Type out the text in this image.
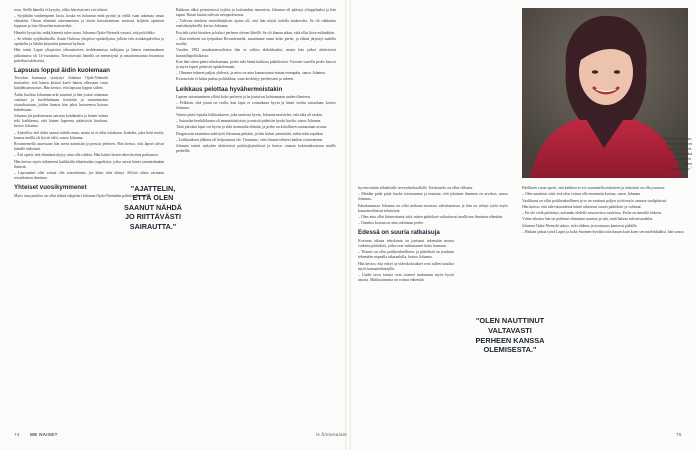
toon. Siellä häneltä ei kysytty, oliko hän maisteri vai tohtori.

– Syrjähdin vanhempieni luota, koska en halunnut enää pyöriä ja elellä vaan rakentaa omaa elämääni. Oman elämäni rakentamisen ja itseni kasvattamisen ansiosta kuljetin opintoni loppuun ja luin filosofian maisteriksi.

Häneltä kysyttiin, mikä hänestä tulee isona. Johanna Ojala-Niemelä vastasi, että poliitikko.

– Se tehtiin syrjäkulmalla. Asuin Oulussa yliopisto-opiskelijana, jolloin tein asiakaspalvelua ja opiskelin ja lähdin käymään pienessä kylässä.

Hän toimi Lapin yliopiston oikeustieteen tiedekunnassa tutkijana ja hänen ensimmäinen julkaisunsa oli 14-vuotiaana. Toivottavasti hänellä on menestystä ja ansaitsemaansa huomiota palvelun tuloksesta.

Lapsuus loppui äidin kuolemaan

Tervolan kunnassa syntynyt Johanna Ojala-Niemelä muistelee, että hänen äitinsä kuoli hänen ollessaan vasta kahdeksanvuotias. Hän kertoo, että lapsuus loppui siihen.

Äidin kuoltua Johannan arki muuttui ja hän joutui ottamaan vastuuta ja huolehtimaan itsestään ja nuoremmista sisaruksistaan, joiden kanssa hän jakoi huoneensa kotona kahdestaan.

Johanna jäi pudotessaan sairasta kohdatuksi ja hänen isänsä teki kaikkensa, että hänen lapsensa pääsisivät kouluun, kertoo Johanna.

– Ajatteliin, että äidin saanut nähdä omaa, mutta se ei ollut tottakaan. Isoäidin, joka hoiti meitä, kanssa meillä oli hyvät välit, sanoo Johanna.

Rovaniemellä asuessaan hän meni naimisiin ja perusti perheen. Hän kertoo, että lapset olivat hänelle tärkeintä.

– Äiti opetti, että elämässä täytyy aina olla rohkea. Hän halusi lasten tekevän aina parhaansa.

Hän kertoo myös nähneensä kaikkialla elämässään tragedioita, jotka saivat hänet ymmärtämään ihmisiä.

– Lapsuuteni olisi voinut olla toisenlainen, jos äitini olisi elänyt. Silloin olisin varmaan toisenlainen ihminen.

Yhteiset vuosikymmenet

Myös oma puoliso on ollut tärkeä tukipilari Johanna Ojala-Niemelän poliittisella uralla.

"AJATTELIN,
ETTÄ OLEN
SAANUT NÄHDÄ
JO RIITTÄVÄSTI
SAIRAUTTA."

Rakkaus alkoi perinteisesti tyyliin ja kotiseudun tansseista. Johanna oli päässyt ylioppilaaksi ja hän tapasi Tiinan kautta tulevan aviopuolisonsa.

– Tulevan mieheni ensisilmäyksen ajatus oli, että hän näytti todella mukavalta. Se oli rakkautta ensisilmäyksellä, kertoo Johanna.

Esa teki työtä kiertäen ja halusi perheen olevan lähellä. Se oli ihanaa aikaa, eikä ollut kiire mihinkään.

– Kun mieheni sai työpaikan Rovaniemeltä, muutimme sinne koko perhe, ja elämä järjestyi uudella tavalla.

Vuoden 1992 maakuntavaaleissa hän ei valittu ehdokkaaksi, mutta hän jatkoi aktiivisesti kunnallispolitiikassa.

Kun hän sitten pääsi eduskuntaan, perhe tuki häntä kaikissa päätöksissä. Vuosien varrella perhe kasvoi ja myös lapset pääsivät opiskelemaan.

– Olemme tehneet paljon yhdessä, ja mies on aina kannustanut minua eteenpäin, sanoo Johanna.

Kotona hän ei halua puhua politiikkaa, vaan keskittyy perheeseen ja arkeen.

Leikkaus pelottaa hyvähermoistakin

Lapsen sairastuminen yllätti koko perheen ja he joutuivat kohtaamaan uuden tilanteen.

– Pelkäsin, että jotain on vialla, kun lapsi ei voinutkaan hyvin ja hänet vietiin sairaalaan, kertoo Johanna.

Varttui pääsi lopulta leikkaukseen, joka onnistui hyvin. Johanna muistelee, että aika oli raskas.

– Sairaalan henkilökunta oli ammattitaitoista ja meistä pidettiin hyvää huolta, sanoo Johanna.

Tänä päivänä lapsi voi hyvin ja elää normaalia elämää, ja perhe on kiitollinen saamastaan avusta.

Diagnoosin saaminen mietitytti Johannaa pitkään, ja hän halusi ymmärtää, miksi näin tapahtui.

– Leikkauksen jälkeen oli helpottunut olo. Tiesimme, että olimme tehneet kaiken voitavamme.

Johanna toimii nykyään aktiivisesti potilasjärjestöissä ja kertoo omasta kokemuksestaan muille perheille.

hyvinvointiin tähtäävälle terveydenhuollolle. Keskustelu on ollut vilkasta.

– Meidän pitää pitää huolta toisistamme ja muistaa, että jokainen ihminen on arvokas, sanoo Johanna.

Eduskunnassa Johanna on ollut mukana monissa valiokunnissa ja hän on tehnyt työtä myös kansainvälisissä tehtävissä.

– Olen aina ollut kiinnostunut siitä, miten päätökset vaikuttavat tavallisten ihmisten elämään.

– Onneksi kotona on aina odottanut perhe.

Edessä on suuria ratkaisuja

Koronan aikana eduskunta on joutunut tekemään monia vaikeita päätöksiä, jotka ovat vaikuttaneet koko kansaan.

– Tilanne on ollut poikkeuksellinen, ja päätöksiä on jouduttu tekemään nopealla aikataululla, kertoo Johanna.

Hän kertoo, että etätyö ja videokokoukset ovat tulleet tutuiksi myös kansanedustajille.

– Uudet tavat toimia ovat tuoneet mukanaan myös hyviä asioita. Matkustamista on voinut vähentää.

"OLEN NAUTTINUT
VALTAVASTI
PERHEEN KANSSA
OLEMISESTA."

Edellinen vuosi opetti, että kaikkea ei voi suunnitella etukäteen ja tärkeintä on olla joustava.

– Olen nauttinut siitä, että olen voinut olla enemmän kotona, sanoo Johanna.

Vaalikausi on ollut poikkeuksellinen ja se on vaatinut paljon työtä myös omassa vaalipiirissä.

Hän kertoo, että tulevaisuudessa häntä odottavat suuret päätökset ja valinnat.

– En ole vielä päättänyt, asetunko ehdolle seuraavissa vaaleissa. Perhe on minulle tärkein.

Viime aikoina hän on pohtinut elämänsä suuntaa ja sitä, mitä haluaa tulevaisuudelta.

Johanna Ojala-Niemelä uskoo, että rohkeus ja avoimuus kantavat pitkälle.

– Haluan jatkaa työtä Lapin ja koko Suomen hyväksi niin kauan kuin koen sen mielekkääksi, hän sanoo.

Johanna sanoo,
että hänellä on
hyvät hermot.
"Olen aika
asiallinen.
Olen
tämäninen."
74 ME NAISET	is.fi/menaiset	75
